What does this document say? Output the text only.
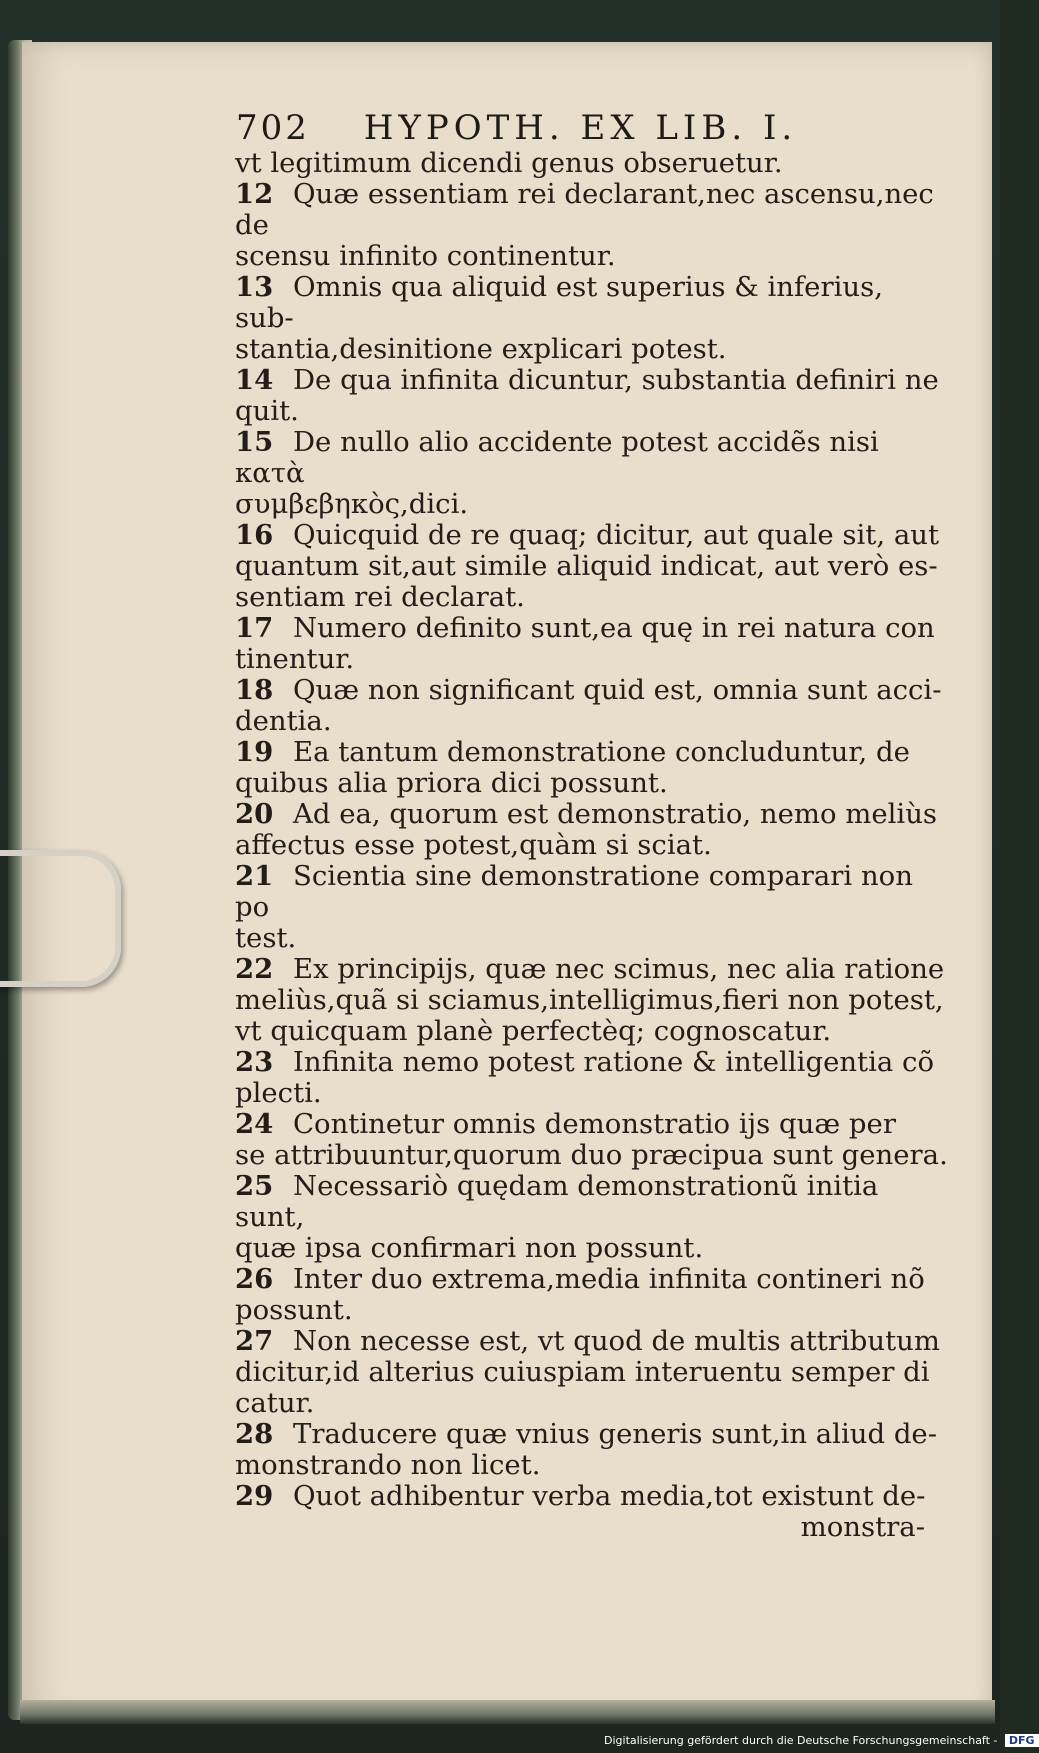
702 HYPOTH. EX LIB. I.
vt legitimum dicendi genus obseruetur.
12 Quæ essentiam rei declarant,nec ascensu,nec de
scensu infinito continentur.
13 Omnis qua aliquid est superius & inferius, sub-
stantia,desinitione explicari potest.
14 De qua infinita dicuntur, substantia definiri ne
quit.
15 De nullo alio accidente potest accidẽs nisi κατὰ
συμβεβηκὸς,dici.
16 Quicquid de re quaq; dicitur, aut quale sit, aut
quantum sit,aut simile aliquid indicat, aut verò es-
sentiam rei declarat.
17 Numero definito sunt,ea quę in rei natura con
tinentur.
18 Quæ non significant quid est, omnia sunt acci-
dentia.
19 Ea tantum demonstratione concluduntur, de
quibus alia priora dici possunt.
20 Ad ea, quorum est demonstratio, nemo meliùs
affectus esse potest,quàm si sciat.
21 Scientia sine demonstratione comparari non po
test.
22 Ex principijs, quæ nec scimus, nec alia ratione
meliùs,quã si sciamus,intelligimus,fieri non potest,
vt quicquam planè perfectèq; cognoscatur.
23 Infinita nemo potest ratione & intelligentia cõ
plecti.
24 Continetur omnis demonstratio ijs quæ per
se attribuuntur,quorum duo præcipua sunt genera.
25 Necessariò quędam demonstrationũ initia sunt,
quæ ipsa confirmari non possunt.
26 Inter duo extrema,media infinita contineri nõ
possunt.
27 Non necesse est, vt quod de multis attributum
dicitur,id alterius cuiuspiam interuentu semper di
catur.
28 Traducere quæ vnius generis sunt,in aliud de-
monstrando non licet.
29 Quot adhibentur verba media,tot existunt de-
monstra-
Digitalisierung gefördert durch die Deutsche Forschungsgemeinschaft - DFG
